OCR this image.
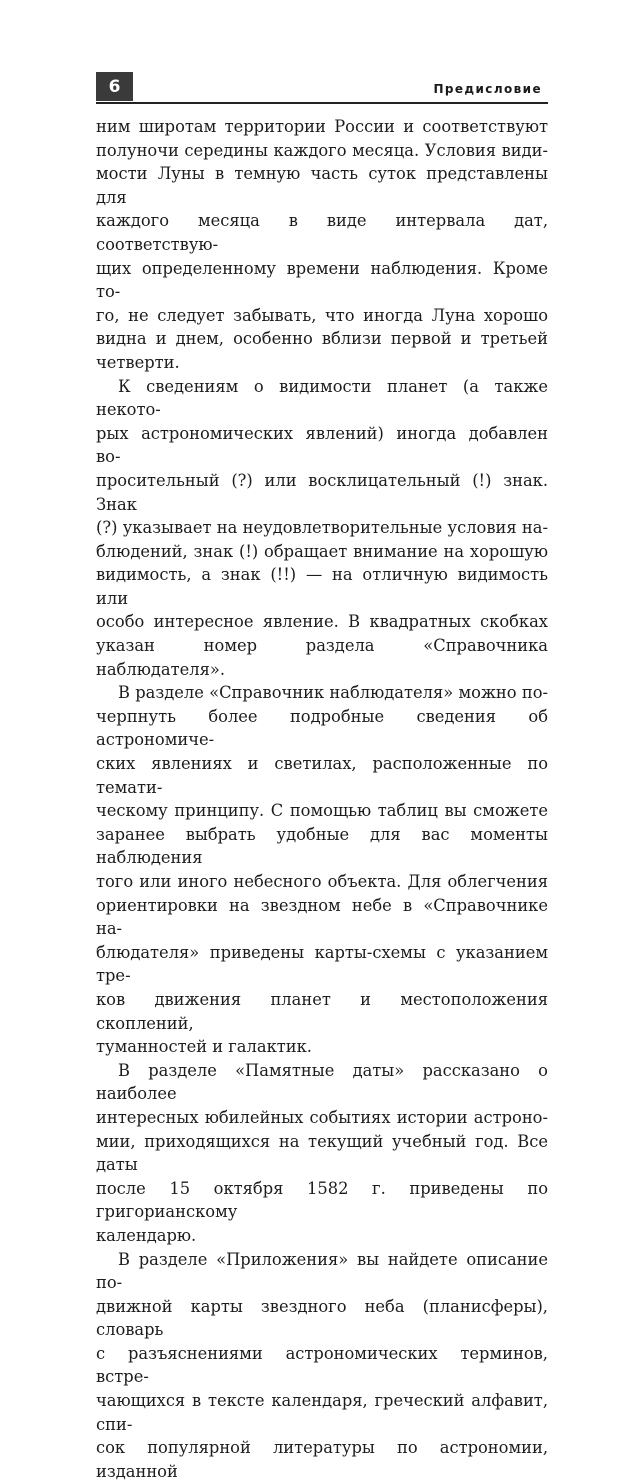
6	Предисловие

ним широтам территории России и соответствуют

полуночи середины каждого месяца. Условия види-

мости Луны в темную часть суток представлены для

каждого месяца в виде интервала дат, соответствую-

щих определенному времени наблюдения. Кроме то-

го, не следует забывать, что иногда Луна хорошо

видна и днем, особенно вблизи первой и третьей

четверти.

К сведениям о видимости планет (а также некото-

рых астрономических явлений) иногда добавлен во-

просительный (?) или восклицательный (!) знак. Знак

(?) указывает на неудовлетворительные условия на-

блюдений, знак (!) обращает внимание на хорошую

видимость, а знак (!!) — на отличную видимость или

особо интересное явление. В квадратных скобках

указан номер раздела «Справочника наблюдателя».

В разделе «Справочник наблюдателя» можно по-

черпнуть более подробные сведения об астрономиче-

ских явлениях и светилах, расположенные по темати-

ческому принципу. С помощью таблиц вы сможете

заранее выбрать удобные для вас моменты наблюдения

того или иного небесного объекта. Для облегчения

ориентировки на звездном небе в «Справочнике на-

блюдателя» приведены карты-схемы с указанием тре-

ков движения планет и местоположения скоплений,

туманностей и галактик.

В разделе «Памятные даты» рассказано о наиболее

интересных юбилейных событиях истории астроно-

мии, приходящихся на текущий учебный год. Все даты

после 15 октября 1582 г. приведены по григорианскому

календарю.

В разделе «Приложения» вы найдете описание по-

движной карты звездного неба (планисферы), словарь

с разъяснениями астрономических терминов, встре-

чающихся в тексте календаря, греческий алфавит, спи-

сок популярной литературы по астрономии, изданной
